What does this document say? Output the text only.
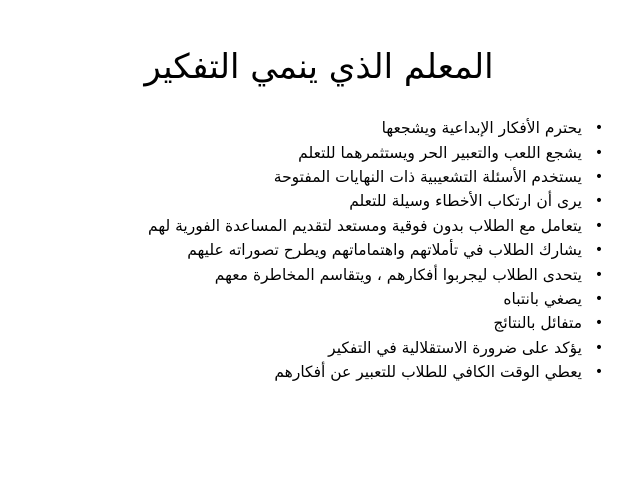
المعلم الذي ينمي التفكير
•
يحترم الأفكار الإبداعية ويشجعها
•
يشجع اللعب والتعبير الحر ويستثمرهما للتعلم
•
يستخدم الأسئلة التشعيبية ذات النهايات المفتوحة
•
يرى أن ارتكاب الأخطاء وسيلة للتعلم
•
يتعامل مع الطلاب بدون فوقية ومستعد لتقديم المساعدة الفورية لهم
•
يشارك الطلاب في تأملاتهم واهتماماتهم ويطرح تصوراته عليهم
•
يتحدى الطلاب ليجربوا أفكارهم ، ويتقاسم المخاطرة معهم
•
يصغي بانتباه
•
متفائل بالنتائج
•
يؤكد على ضرورة الاستقلالية في التفكير
•
يعطي الوقت الكافي للطلاب للتعبير عن أفكارهم
